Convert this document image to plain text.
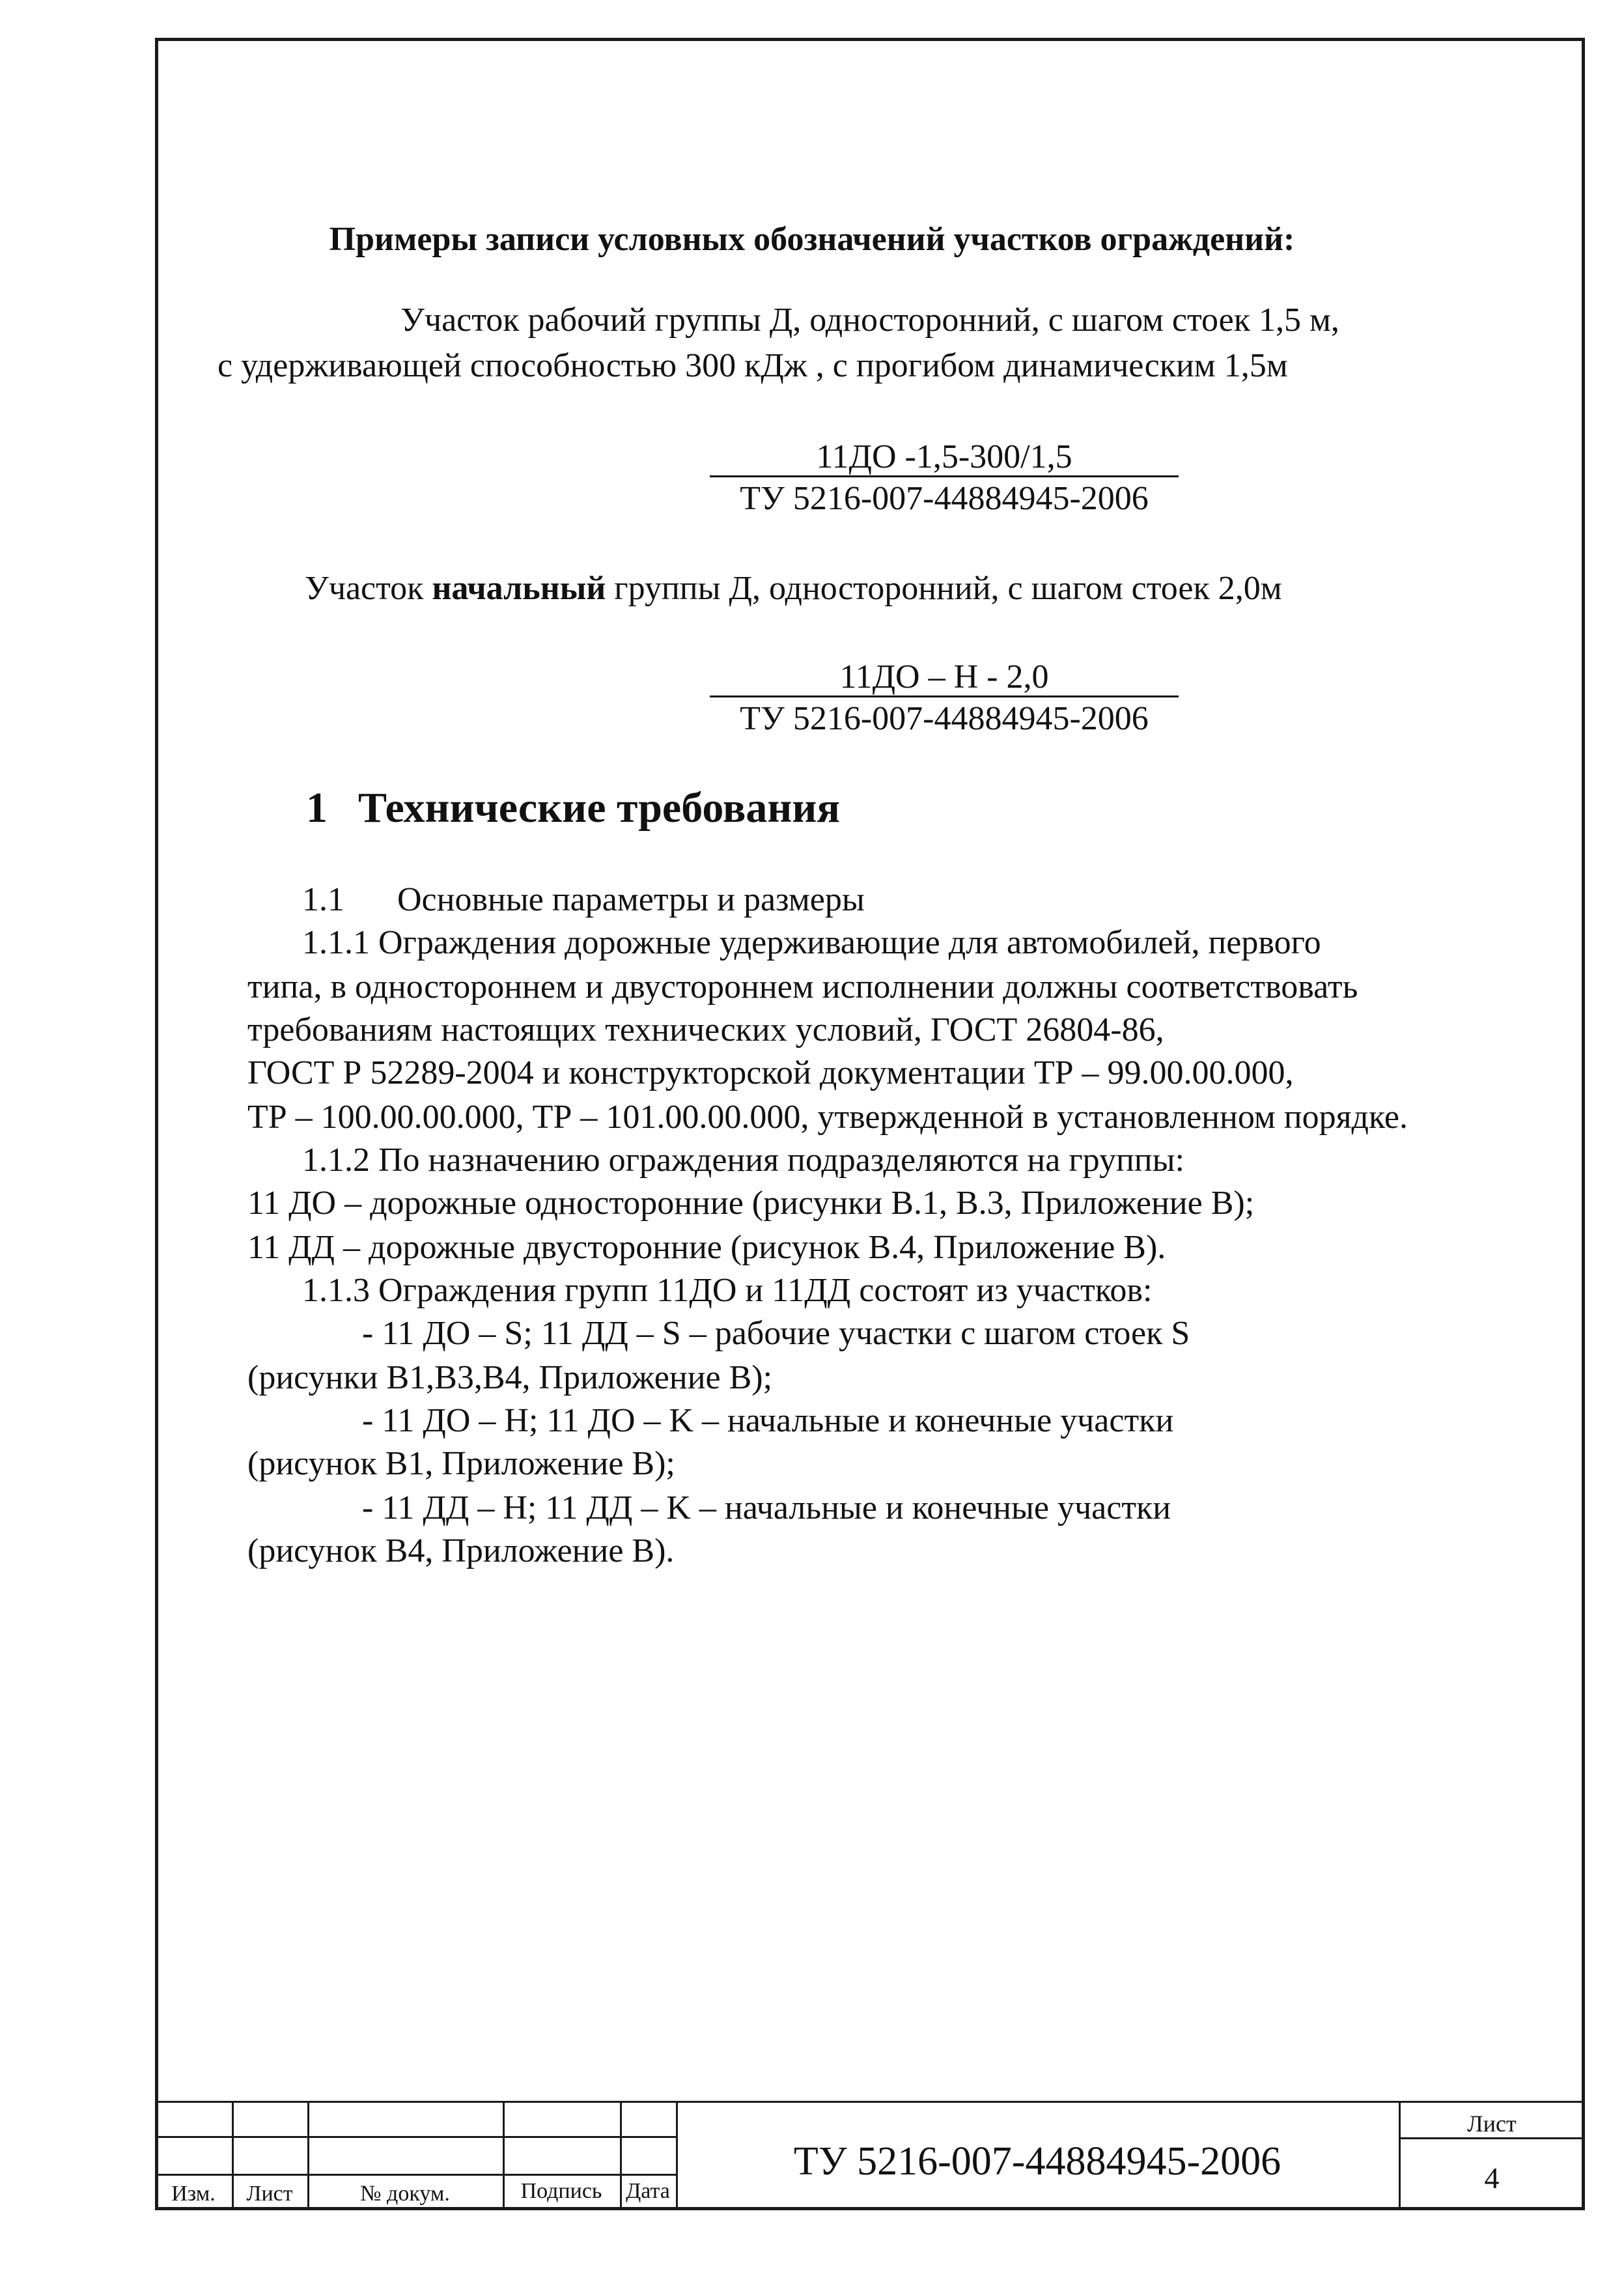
Примеры записи условных обозначений участков ограждений:
Участок рабочий группы Д, односторонний, с шагом стоек 1,5 м,
с удерживающей способностью 300 кДж , с прогибом динамическим 1,5м
11ДО -1,5-300/1,5
ТУ 5216-007-44884945-2006
Участок начальный группы Д, односторонний, с шагом стоек 2,0м
11ДО – Н - 2,0
ТУ 5216-007-44884945-2006
1 Технические требования
1.1 Основные параметры и размеры
1.1.1 Ограждения дорожные удерживающие для автомобилей, первого
типа, в одностороннем и двустороннем исполнении должны соответствовать
требованиям настоящих технических условий, ГОСТ 26804-86,
ГОСТ Р 52289-2004 и конструкторской документации ТР – 99.00.00.000,
ТР – 100.00.00.000, ТР – 101.00.00.000, утвержденной в установленном порядке.
1.1.2 По назначению ограждения подразделяются на группы:
11 ДО – дорожные односторонние (рисунки В.1, В.3, Приложение В);
11 ДД – дорожные двусторонние (рисунок В.4, Приложение В).
1.1.3 Ограждения групп 11ДО и 11ДД состоят из участков:
- 11 ДО – S; 11 ДД – S – рабочие участки с шагом стоек S
(рисунки В1,В3,В4, Приложение В);
- 11 ДО – Н; 11 ДО – K – начальные и конечные участки
(рисунок В1, Приложение В);
- 11 ДД – Н; 11 ДД – K – начальные и конечные участки
(рисунок В4, Приложение В).
Изм.	Лист	№ докум.	Подпись	Дата
ТУ 5216-007-44884945-2006
Лист
4
